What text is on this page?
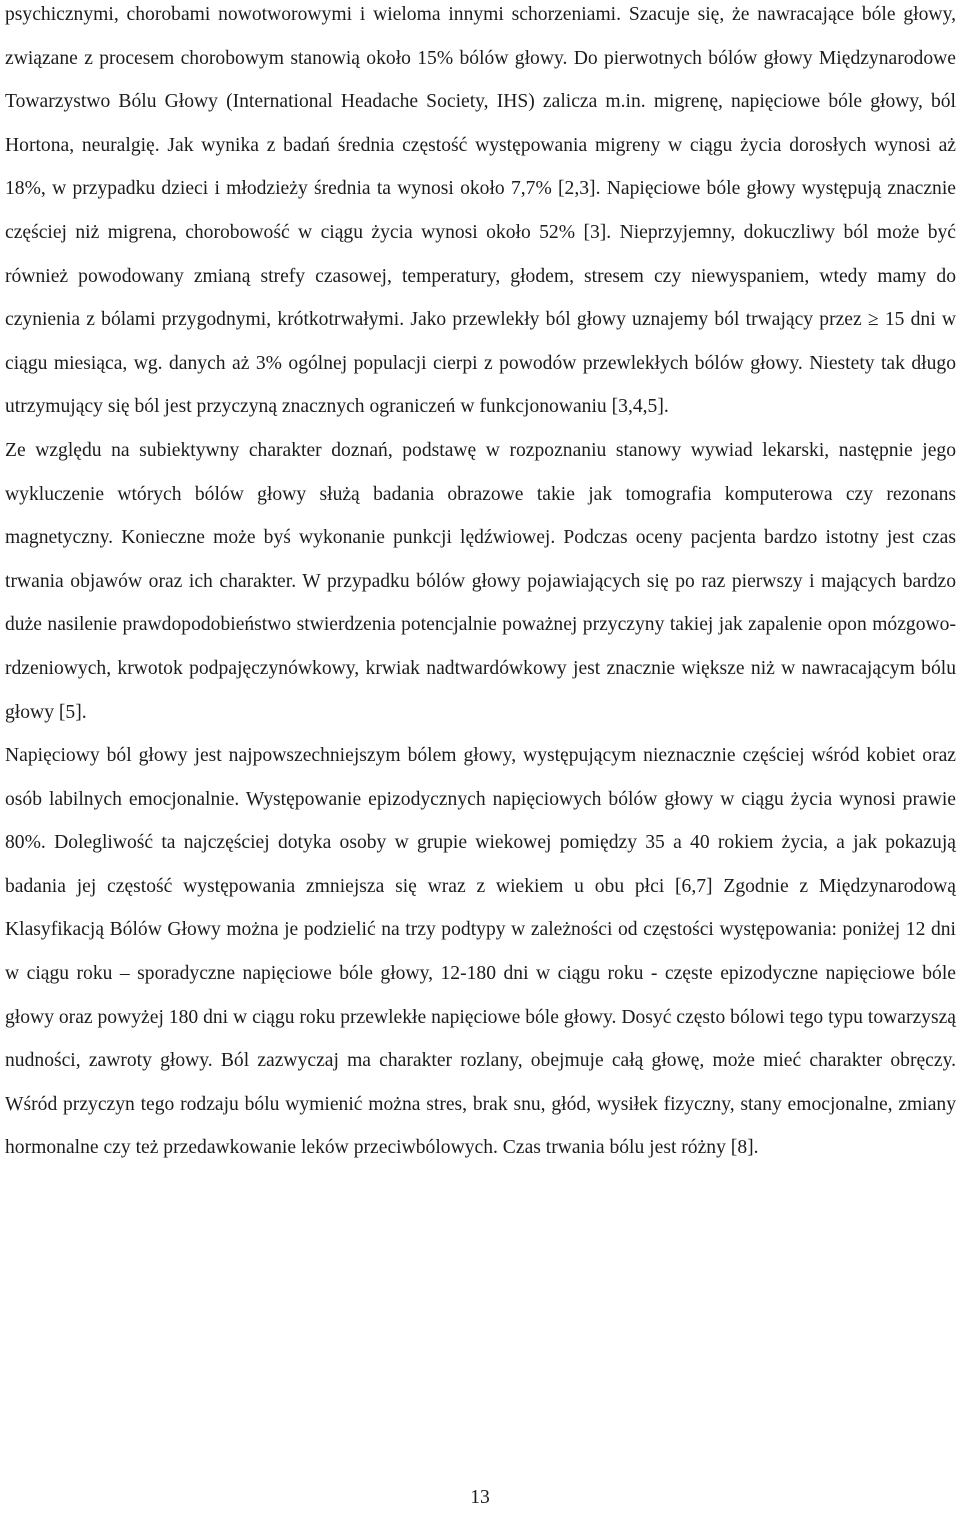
psychicznymi, chorobami nowotworowymi i wieloma innymi schorzeniami. Szacuje się, że nawracające bóle głowy, związane z procesem chorobowym stanowią około 15% bólów głowy. Do pierwotnych bólów głowy Międzynarodowe Towarzystwo Bólu Głowy (International Headache Society, IHS) zalicza m.in. migrenę, napięciowe bóle głowy, ból Hortona, neuralgię. Jak wynika z badań średnia częstość występowania migreny w ciągu życia dorosłych wynosi aż 18%, w przypadku dzieci i młodzieży średnia ta wynosi około 7,7% [2,3]. Napięciowe bóle głowy występują znacznie częściej niż migrena, chorobowość w ciągu życia wynosi około 52% [3]. Nieprzyjemny, dokuczliwy ból może być również powodowany zmianą strefy czasowej, temperatury, głodem, stresem czy niewyspaniem, wtedy mamy do czynienia z bólami przygodnymi, krótkotrwałymi. Jako przewlekły ból głowy uznajemy ból trwający przez ≥ 15 dni w ciągu miesiąca, wg. danych aż 3% ogólnej populacji cierpi z powodów przewlekłych bólów głowy. Niestety tak długo utrzymujący się ból jest przyczyną znacznych ograniczeń w funkcjonowaniu [3,4,5].

Ze względu na subiektywny charakter doznań, podstawę w rozpoznaniu stanowy wywiad lekarski, następnie jego wykluczenie wtórych bólów głowy służą badania obrazowe takie jak tomografia komputerowa czy rezonans magnetyczny. Konieczne może byś wykonanie punkcji lędźwiowej. Podczas oceny pacjenta bardzo istotny jest czas trwania objawów oraz ich charakter. W przypadku bólów głowy pojawiających się po raz pierwszy i mających bardzo duże nasilenie prawdopodobieństwo stwierdzenia potencjalnie poważnej przyczyny takiej jak zapalenie opon mózgowo-rdzeniowych, krwotok podpajęczynówkowy, krwiak nadtwardówkowy jest znacznie większe niż w nawracającym bólu głowy [5].

Napięciowy ból głowy jest najpowszechniejszym bólem głowy, występującym nieznacznie częściej wśród kobiet oraz osób labilnych emocjonalnie. Występowanie epizodycznych napięciowych bólów głowy w ciągu życia wynosi prawie 80%. Dolegliwość ta najczęściej dotyka osoby w grupie wiekowej pomiędzy 35 a 40 rokiem życia, a jak pokazują badania jej częstość występowania zmniejsza się wraz z wiekiem u obu płci [6,7] Zgodnie z Międzynarodową Klasyfikacją Bólów Głowy można je podzielić na trzy podtypy w zależności od częstości występowania: poniżej 12 dni w ciągu roku – sporadyczne napięciowe bóle głowy, 12-180 dni w ciągu roku - częste epizodyczne napięciowe bóle głowy oraz powyżej 180 dni w ciągu roku przewlekłe napięciowe bóle głowy. Dosyć często bólowi tego typu towarzyszą nudności, zawroty głowy. Ból zazwyczaj ma charakter rozlany, obejmuje całą głowę, może mieć charakter obręczy. Wśród przyczyn tego rodzaju bólu wymienić można stres, brak snu, głód, wysiłek fizyczny, stany emocjonalne, zmiany hormonalne czy też przedawkowanie leków przeciwbólowych. Czas trwania bólu jest różny [8].

13
